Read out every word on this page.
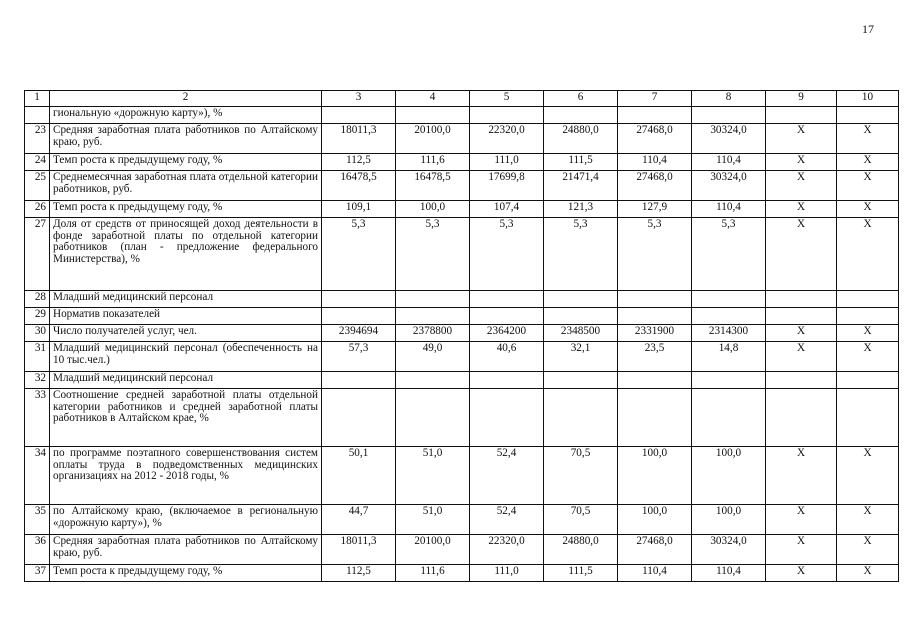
17
1	2	3	4	5	6	7	8	9	10
	гиональную «дорожную карту»), %								
23	Средняя заработная плата работников по Алтайскому краю, руб.	18011,3	20100,0	22320,0	24880,0	27468,0	30324,0	X	X
24	Темп роста к предыдущему году, %	112,5	111,6	111,0	111,5	110,4	110,4	X	X
25	Среднемесячная заработная плата отдельной категории работников, руб.	16478,5	16478,5	17699,8	21471,4	27468,0	30324,0	X	X
26	Темп роста к предыдущему году, %	109,1	100,0	107,4	121,3	127,9	110,4	X	X
27	Доля от средств от приносящей доход деятельности в фонде заработной платы по отдельной категории работников (план - предложение федерального Министерства), %	5,3	5,3	5,3	5,3	5,3	5,3	X	X
28	Младший медицинский персонал								
29	Норматив показателей								
30	Число получателей услуг, чел.	2394694	2378800	2364200	2348500	2331900	2314300	X	X
31	Младший медицинский персонал (обеспеченность на 10 тыс.чел.)	57,3	49,0	40,6	32,1	23,5	14,8	X	X
32	Младший медицинский персонал								
33	Соотношение средней заработной платы отдельной категории работников и средней заработной платы работников в Алтайском крае, %								
34	по программе поэтапного совершенствования систем оплаты труда в подведомственных медицинских организациях на 2012 - 2018 годы, %	50,1	51,0	52,4	70,5	100,0	100,0	X	X
35	по Алтайскому краю, (включаемое в региональную «дорожную карту»), %	44,7	51,0	52,4	70,5	100,0	100,0	X	X
36	Средняя заработная плата работников по Алтайскому краю, руб.	18011,3	20100,0	22320,0	24880,0	27468,0	30324,0	X	X
37	Темп роста к предыдущему году, %	112,5	111,6	111,0	111,5	110,4	110,4	X	X
